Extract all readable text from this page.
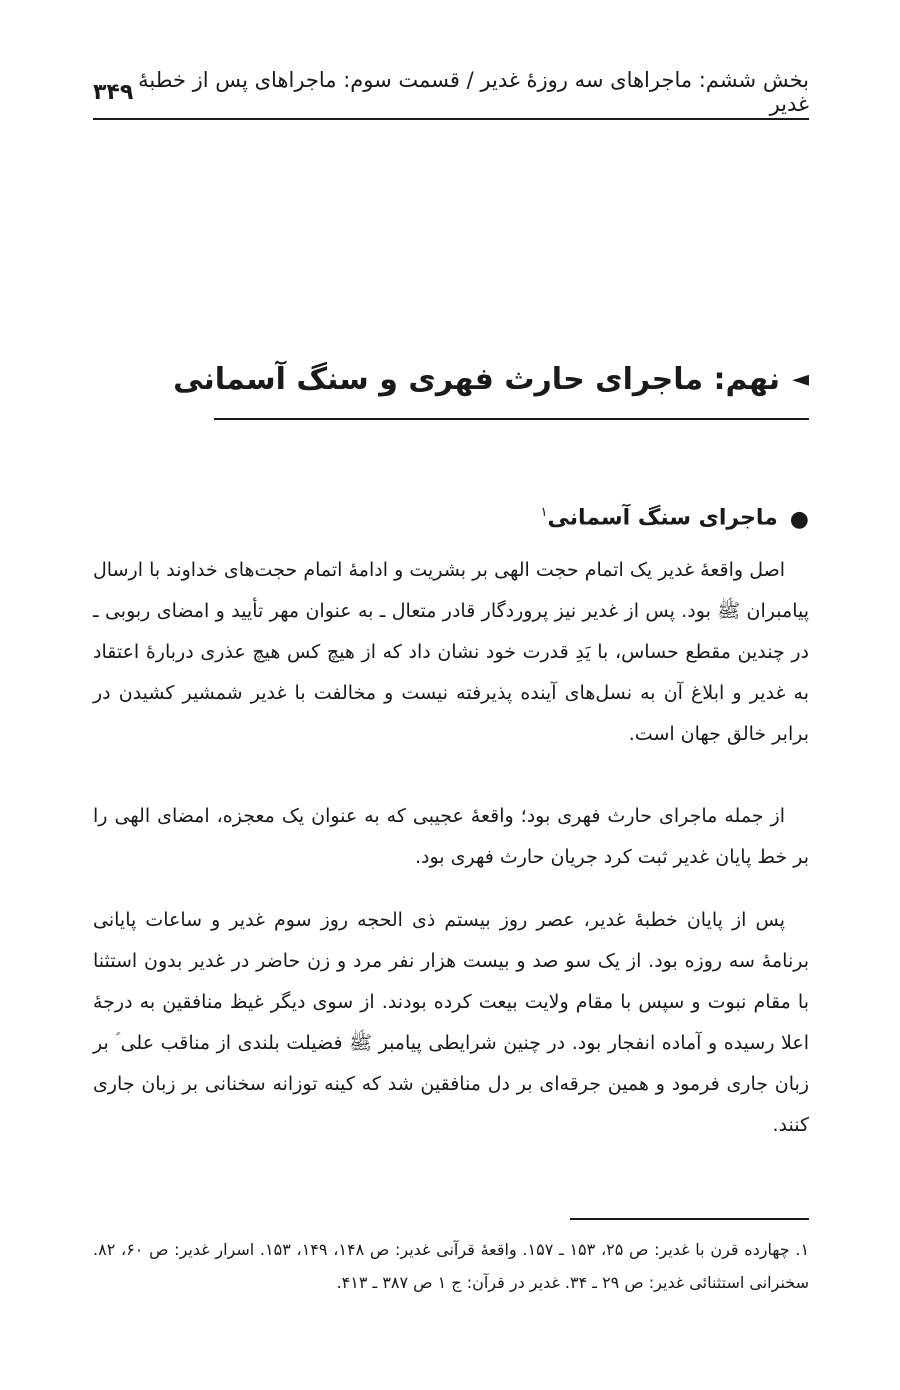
بخش ششم: ماجراهای سه روزۀ غدیر / قسمت سوم: ماجراهای پس از خطبۀ غدیر
۳۴۹
◄
نهم: ماجرای حارث فهری و سنگ آسمانی
●
ماجرای سنگ آسمانی$^۱$

اصل واقعۀ غدیر یک اتمام حجت الهی بر بشریت و ادامۀ اتمام حجت‌های خداوند با ارسال پیامبران ﷺ بود. پس از غدیر نیز پروردگار قادر متعال ـ به عنوان مهر تأیید و امضای ربوبی ـ در چندین مقطع حساس، با یَدِ قدرت خود نشان داد که از هیچ کس هیچ عذری دربارۀ اعتقاد به غدیر و ابلاغ آن به نسل‌های آینده پذیرفته نیست و مخالفت با غدیر شمشیر کشیدن در برابر خالق جهان است.

از جمله ماجرای حارث فهری بود؛ واقعۀ عجیبی که به عنوان یک معجزه، امضای الهی را بر خط پایان غدیر ثبت کرد جریان حارث فهری بود.

پس از پایان خطبۀ غدیر، عصر روز بیستم ذی الحجه روز سوم غدیر و ساعات پایانی برنامۀ سه روزه بود. از یک سو صد و بیست هزار نفر مرد و زن حاضر در غدیر بدون استثنا با مقام نبوت و سپس با مقام ولایت بیعت کرده بودند. از سوی دیگر غیظ منافقین به درجۀ اعلا رسیده و آماده انفجار بود. در چنین شرایطی پیامبر ﷺ فضیلت بلندی از مناقب علی ؑ بر زبان جاری فرمود و همین جرقه‌ای بر دل منافقین شد که کینه توزانه سخنانی بر زبان جاری کنند.

۱. چهارده قرن با غدیر: ص ۲۵، ۱۵۳ ـ ۱۵۷. واقعۀ قرآنی غدیر: ص ۱۴۸، ۱۴۹، ۱۵۳. اسرار غدیر: ص ۶۰، ۸۲. سخنرانی استثنائی غدیر: ص ۲۹ ـ ۳۴. غدیر در قرآن: ج ۱ ص ۳۸۷ ـ ۴۱۳.
